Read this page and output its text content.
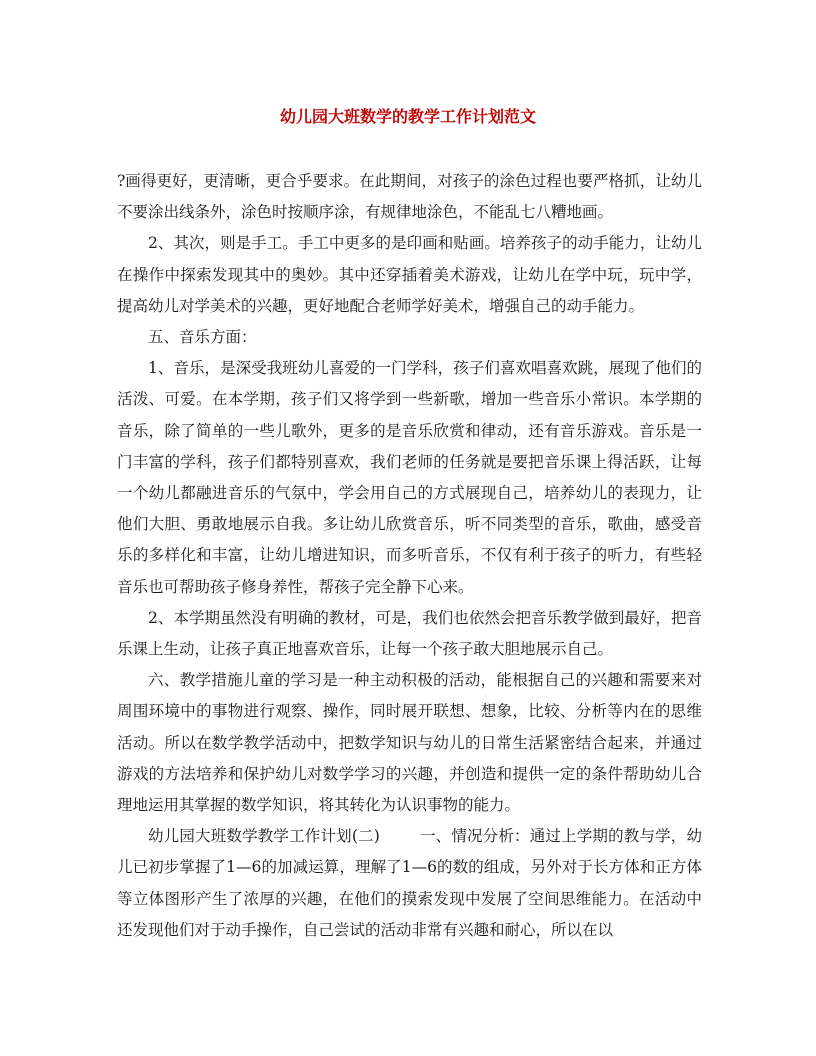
幼儿园大班数学的教学工作计划范文

?画得更好，更清晰，更合乎要求。在此期间，对孩子的涂色过程也要严格抓，让幼儿不要涂出线条外，涂色时按顺序涂，有规律地涂色，不能乱七八糟地画。

2、其次，则是手工。手工中更多的是印画和贴画。培养孩子的动手能力，让幼儿在操作中探索发现其中的奥妙。其中还穿插着美术游戏，让幼儿在学中玩，玩中学，提高幼儿对学美术的兴趣，更好地配合老师学好美术，增强自己的动手能力。

五、音乐方面：

1、音乐，是深受我班幼儿喜爱的一门学科，孩子们喜欢唱喜欢跳，展现了他们的活泼、可爱。在本学期，孩子们又将学到一些新歌，增加一些音乐小常识。本学期的音乐，除了简单的一些儿歌外，更多的是音乐欣赏和律动，还有音乐游戏。音乐是一门丰富的学科，孩子们都特别喜欢，我们老师的任务就是要把音乐课上得活跃，让每一个幼儿都融进音乐的气氛中，学会用自己的方式展现自己，培养幼儿的表现力，让他们大胆、勇敢地展示自我。多让幼儿欣赏音乐，听不同类型的音乐，歌曲，感受音乐的多样化和丰富，让幼儿增进知识，而多听音乐，不仅有利于孩子的听力，有些轻音乐也可帮助孩子修身养性，帮孩子完全静下心来。

2、本学期虽然没有明确的教材，可是，我们也依然会把音乐教学做到最好，把音乐课上生动，让孩子真正地喜欢音乐，让每一个孩子敢大胆地展示自己。

六、教学措施儿童的学习是一种主动积极的活动，能根据自己的兴趣和需要来对周围环境中的事物进行观察、操作，同时展开联想、想象，比较、分析等内在的思维活动。所以在数学教学活动中，把数学知识与幼儿的日常生活紧密结合起来，并通过游戏的方法培养和保护幼儿对数学学习的兴趣，并创造和提供一定的条件帮助幼儿合理地运用其掌握的数学知识，将其转化为认识事物的能力。

幼儿园大班数学教学工作计划(二)	一、情况分析：通过上学期的教与学，幼儿已初步掌握了1—6的加减运算，理解了1—6的数的组成，另外对于长方体和正方体等立体图形产生了浓厚的兴趣，在他们的摸索发现中发展了空间思维能力。在活动中还发现他们对于动手操作，自己尝试的活动非常有兴趣和耐心，所以在以
